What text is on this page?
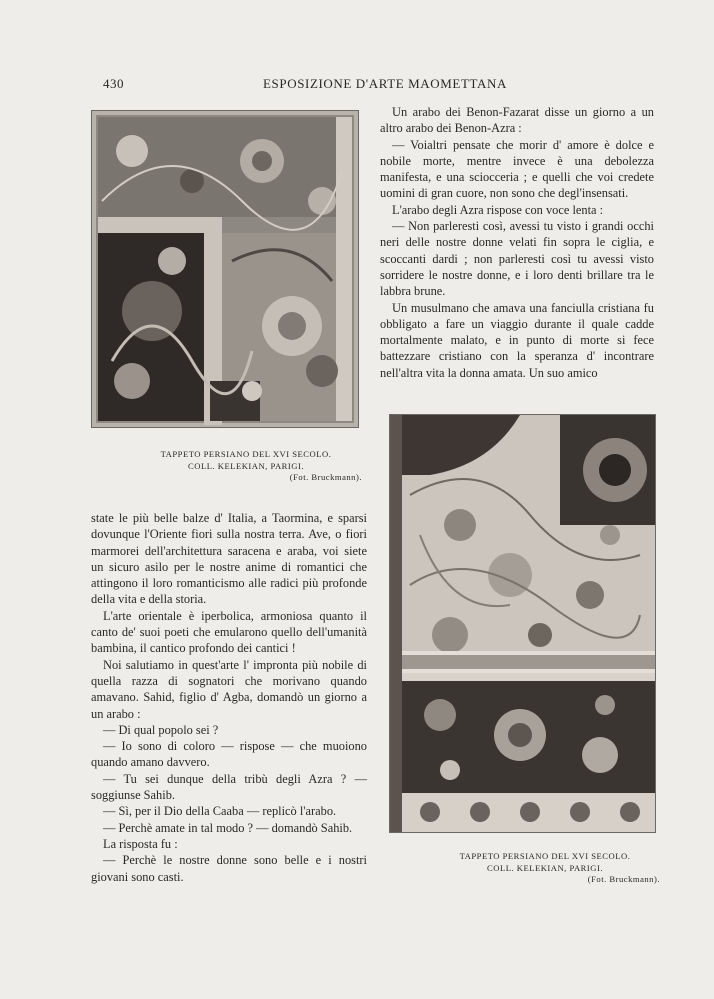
430	ESPOSIZIONE D'ARTE MAOMETTANA
TAPPETO PERSIANO DEL XVI SECOLO.
COLL. KELEKIAN, PARIGI.
(Fot. Bruckmann).

Un arabo dei Benon-Fazarat disse un giorno a un altro arabo dei Benon-Azra :

— Voialtri pensate che morir d' amore è dolce e nobile morte, mentre invece è una debolezza manifesta, e una sciocceria ; e quelli che voi credete uomini di gran cuore, non sono che degl'insensati.

L'arabo degli Azra rispose con voce lenta :

— Non parleresti così, avessi tu visto i grandi occhi neri delle nostre donne velati fin sopra le ciglia, e scoccanti dardi ; non parleresti così tu avessi visto sorridere le nostre donne, e i loro denti brillare tra le labbra brune.

Un musulmano che amava una fanciulla cristiana fu obbligato a fare un viaggio durante il quale cadde mortalmente malato, e in punto di morte si fece battezzare cristiano con la speranza d' incontrare nell'altra vita la donna amata. Un suo amico

state le più belle balze d' Italia, a Taormina, e sparsi dovunque l'Oriente fiori sulla nostra terra. Ave, o fiori marmorei dell'architettura saracena e araba, voi siete un sicuro asilo per le nostre anime di romantici che attingono il loro romanticismo alle radici più profonde della vita e della storia.

L'arte orientale è iperbolica, armoniosa quanto il canto de' suoi poeti che emularono quello dell'umanità bambina, il cantico profondo dei cantici !

Noi salutiamo in quest'arte l' impronta più nobile di quella razza di sognatori che morivano quando amavano. Sahid, figlio d' Agba, domandò un giorno a un arabo :

— Di qual popolo sei ?

— Io sono di coloro — rispose — che muoiono quando amano davvero.

— Tu sei dunque della tribù degli Azra ? — soggiunse Sahib.

— Sì, per il Dio della Caaba — replicò l'arabo.

— Perchè amate in tal modo ? — domandò Sahib.

La risposta fu :

— Perchè le nostre donne sono belle e i nostri giovani sono casti.

TAPPETO PERSIANO DEL XVI SECOLO.
COLL. KELEKIAN, PARIGI.
(Fot. Bruckmann).
